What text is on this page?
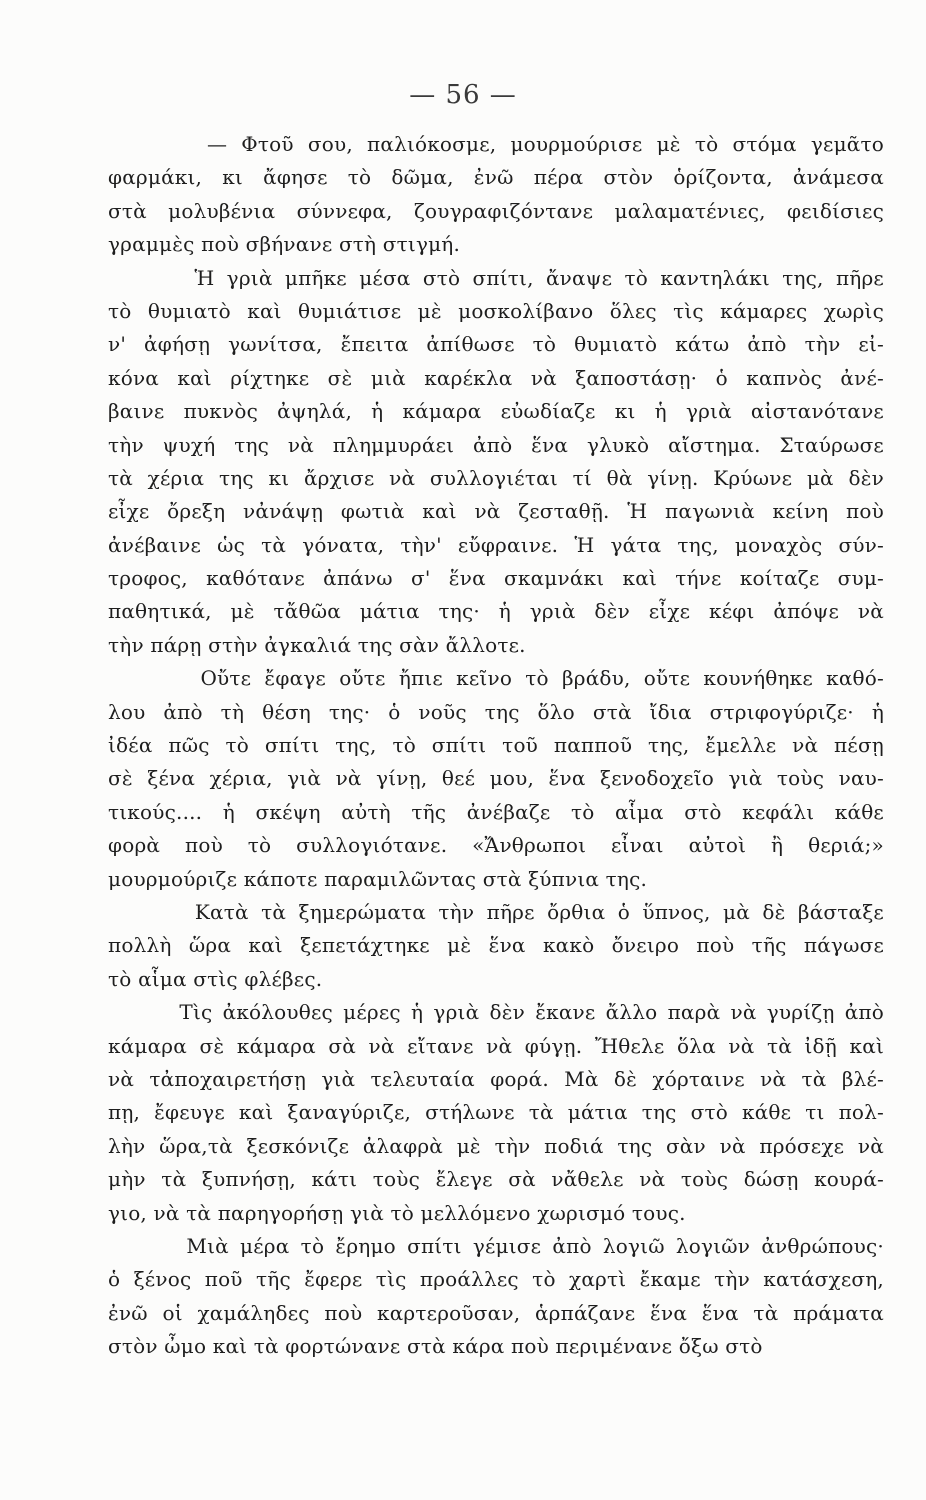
— 56 —
— Φτοῦ σου, παλιόκοσμε, μουρμούρισε μὲ τὸ στόμα γεμᾶτο
φαρμάκι, κι ἄφησε τὸ δῶμα, ἐνῶ πέρα στὸν ὁρίζοντα, ἀνάμεσα
στὰ μολυβένια σύννεφα, ζουγραφιζόντανε μαλαματένιες, φειδίσιες
γραμμὲς ποὺ σβήνανε στὴ στιγμή.
Ἡ γριὰ μπῆκε μέσα στὸ σπίτι, ἄναψε τὸ καντηλάκι της, πῆρε
τὸ θυμιατὸ καὶ θυμιάτισε μὲ μοσκολίβανο ὅλες τὶς κάμαρες χωρὶς
ν' ἀφήσῃ γωνίτσα, ἔπειτα ἀπίθωσε τὸ θυμιατὸ κάτω ἀπὸ τὴν εἰ-
κόνα καὶ ρίχτηκε σὲ μιὰ καρέκλα νὰ ξαποστάσῃ· ὁ καπνὸς ἀνέ-
βαινε πυκνὸς ἀψηλά, ἡ κάμαρα εὐωδίαζε κι ἡ γριὰ αἰστανότανε
τὴν ψυχή της νὰ πλημμυράει ἀπὸ ἕνα γλυκὸ αἴστημα. Σταύρωσε
τὰ χέρια της κι ἄρχισε νὰ συλλογιέται τί θὰ γίνῃ. Κρύωνε μὰ δὲν
εἶχε ὄρεξη νἀνάψῃ φωτιὰ καὶ νὰ ζεσταθῇ. Ἡ παγωνιὰ κείνη ποὺ
ἀνέβαινε ὡς τὰ γόνατα, τὴν' εὔφραινε. Ἡ γάτα της, μοναχὸς σύν-
τροφος, καθότανε ἀπάνω σ' ἕνα σκαμνάκι καὶ τήνε κοίταζε συμ-
παθητικά, μὲ τἄθῶα μάτια της· ἡ γριὰ δὲν εἶχε κέφι ἀπόψε νὰ
τὴν πάρῃ στὴν ἀγκαλιά της σὰν ἄλλοτε.
Οὔτε ἔφαγε οὔτε ἤπιε κεῖνο τὸ βράδυ, οὔτε κουνήθηκε καθό-
λου ἀπὸ τὴ θέση της· ὁ νοῦς της ὅλο στὰ ἴδια στριφογύριζε· ἡ
ἰδέα πῶς τὸ σπίτι της, τὸ σπίτι τοῦ παπποῦ της, ἔμελλε νὰ πέσῃ
σὲ ξένα χέρια, γιὰ νὰ γίνῃ, θεέ μου, ἕνα ξενοδοχεῖο γιὰ τοὺς ναυ-
τικούς.... ἡ σκέψη αὐτὴ τῆς ἀνέβαζε τὸ αἷμα στὸ κεφάλι κάθε
φορὰ ποὺ τὸ συλλογιότανε. «Ἄνθρωποι εἶναι αὐτοὶ ἢ θεριά;»
μουρμούριζε κάποτε παραμιλῶντας στὰ ξύπνια της.
Κατὰ τὰ ξημερώματα τὴν πῆρε ὄρθια ὁ ὕπνος, μὰ δὲ βάσταξε
πολλὴ ὥρα καὶ ξεπετάχτηκε μὲ ἕνα κακὸ ὄνειρο ποὺ τῆς πάγωσε
τὸ αἷμα στὶς φλέβες.
Τὶς ἀκόλουθες μέρες ἡ γριὰ δὲν ἔκανε ἄλλο παρὰ νὰ γυρίζῃ ἀπὸ
κάμαρα σὲ κάμαρα σὰ νὰ εἴτανε νὰ φύγῃ. Ἤθελε ὅλα νὰ τὰ ἰδῇ καὶ
νὰ τἀποχαιρετήσῃ γιὰ τελευταία φορά. Μὰ δὲ χόρταινε νὰ τὰ βλέ-
πῃ, ἔφευγε καὶ ξαναγύριζε, στήλωνε τὰ μάτια της στὸ κάθε τι πολ-
λὴν ὥρα,τὰ ξεσκόνιζε ἀλαφρὰ μὲ τὴν ποδιά της σὰν νὰ πρόσεχε νὰ
μὴν τὰ ξυπνήσῃ, κάτι τοὺς ἔλεγε σὰ νἄθελε νὰ τοὺς δώσῃ κουρά-
γιο, νὰ τὰ παρηγορήσῃ γιὰ τὸ μελλόμενο χωρισμό τους.
Μιὰ μέρα τὸ ἔρημο σπίτι γέμισε ἀπὸ λογιῶ λογιῶν ἀνθρώπους·
ὁ ξένος ποῦ τῆς ἔφερε τὶς προάλλες τὸ χαρτὶ ἔκαμε τὴν κατάσχεση,
ἐνῶ οἱ χαμάληδες ποὺ καρτεροῦσαν, ἁρπάζανε ἕνα ἕνα τὰ πράματα
στὸν ὦμο καὶ τὰ φορτώνανε στὰ κάρα ποὺ περιμένανε ὄξω στὸ
